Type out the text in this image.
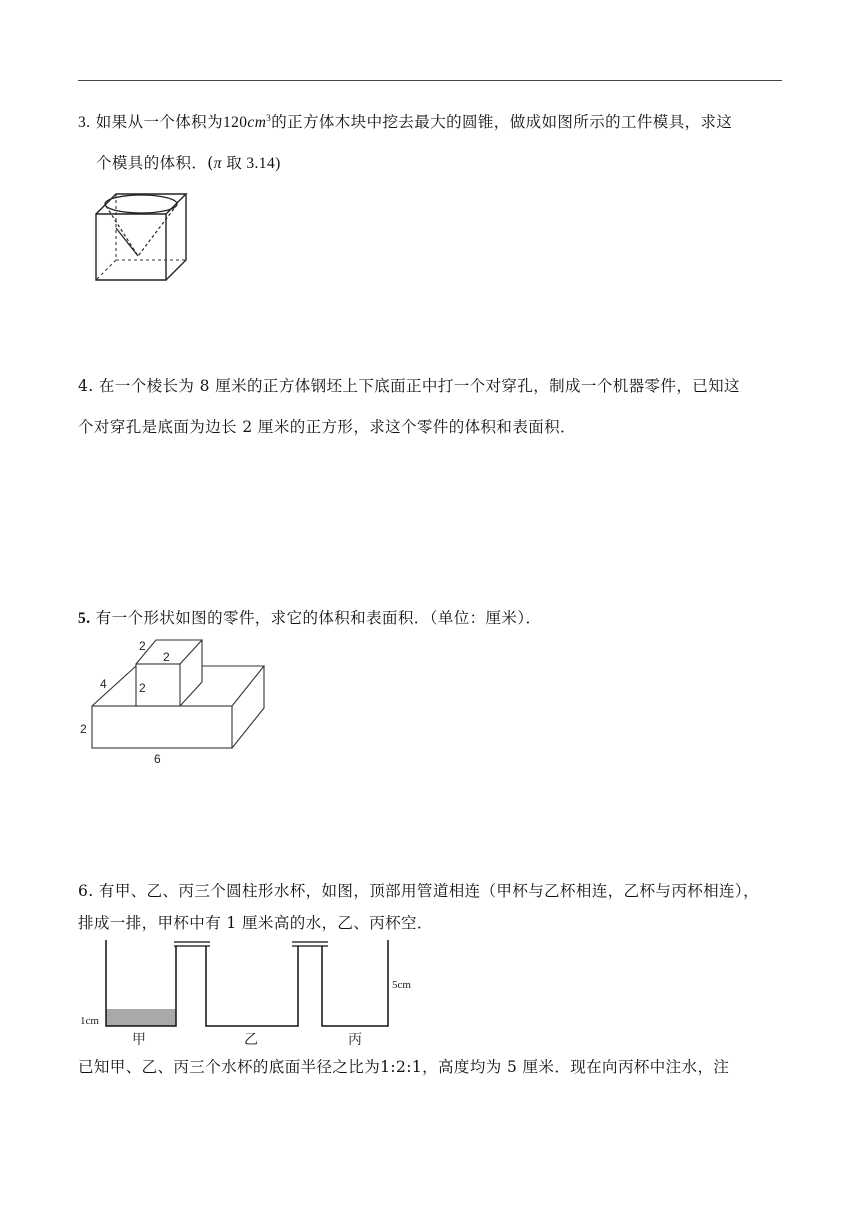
3. 如果从一个体积为$120cm^3$的正方体木块中挖去最大的圆锥，做成如图所示的工件模具，求这
个模具的体积．(π 取 3.14)
4. 在一个棱长为 8 厘米的正方体钢坯上下底面正中打一个对穿孔，制成一个机器零件，已知这
个对穿孔是底面为边长 2 厘米的正方形，求这个零件的体积和表面积．
5. 有一个形状如图的零件，求它的体积和表面积．（单位：厘米）．
2
2
2
4
2
6
6. 有甲、乙、丙三个圆柱形水杯，如图，顶部用管道相连（甲杯与乙杯相连，乙杯与丙杯相连），
排成一排，甲杯中有 1 厘米高的水，乙、丙杯空．
1cm
5cm
甲	乙	丙
已知甲、乙、丙三个水杯的底面半径之比为1:2:1，高度均为 5 厘米．现在向丙杯中注水，注
